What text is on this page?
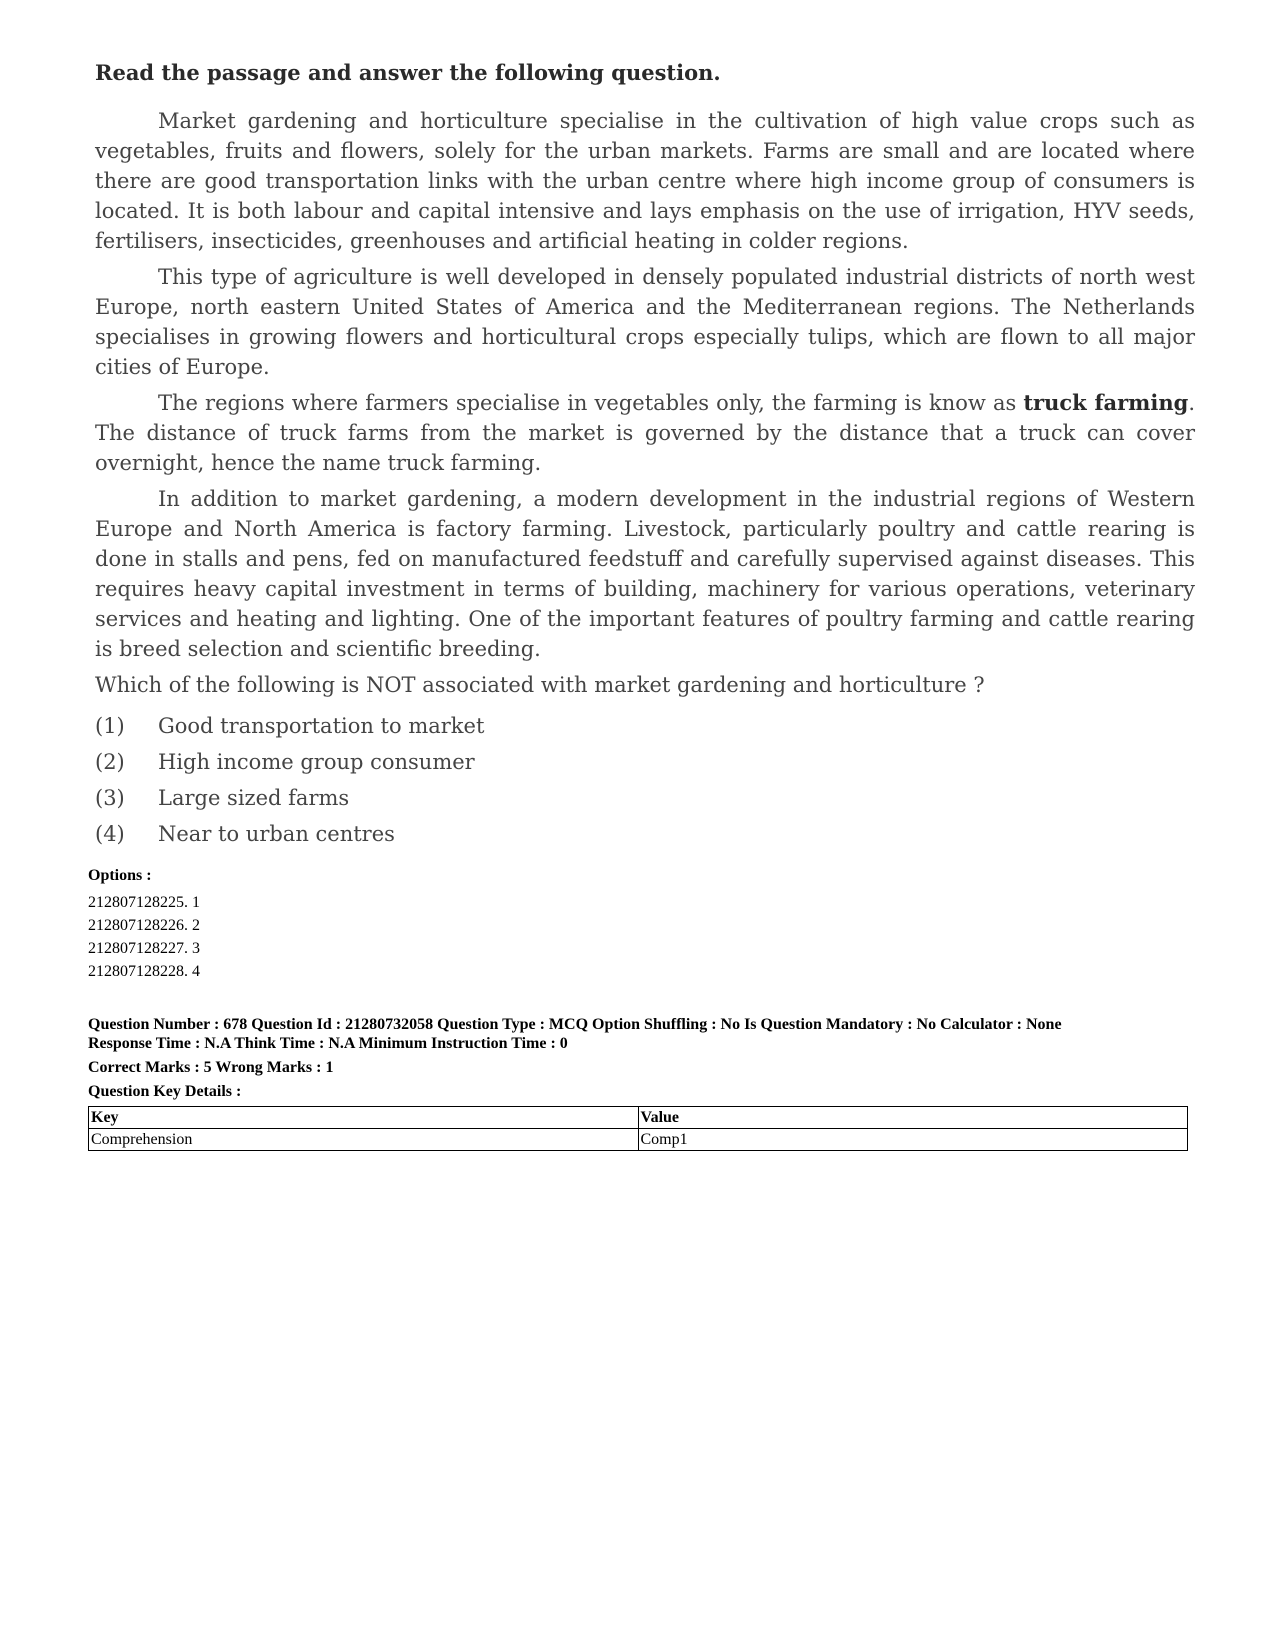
Read the passage and answer the following question.

Market gardening and horticulture specialise in the cultivation of high value crops such as vegetables, fruits and flowers, solely for the urban markets. Farms are small and are located where there are good transportation links with the urban centre where high income group of consumers is located. It is both labour and capital intensive and lays emphasis on the use of irrigation, HYV seeds, fertilisers, insecticides, greenhouses and artificial heating in colder regions.

This type of agriculture is well developed in densely populated industrial districts of north west Europe, north eastern United States of America and the Mediterranean regions. The Netherlands specialises in growing flowers and horticultural crops especially tulips, which are flown to all major cities of Europe.

The regions where farmers specialise in vegetables only, the farming is know as truck farming. The distance of truck farms from the market is governed by the distance that a truck can cover overnight, hence the name truck farming.

In addition to market gardening, a modern development in the industrial regions of Western Europe and North America is factory farming. Livestock, particularly poultry and cattle rearing is done in stalls and pens, fed on manufactured feedstuff and carefully supervised against diseases. This requires heavy capital investment in terms of building, machinery for various operations, veterinary services and heating and lighting. One of the important features of poultry farming and cattle rearing is breed selection and scientific breeding.

Which of the following is NOT associated with market gardening and horticulture ?
(1)	Good transportation to market
(2)	High income group consumer
(3)	Large sized farms
(4)	Near to urban centres
Options :
212807128225. 1
212807128226. 2
212807128227. 3
212807128228. 4
Question Number : 678 Question Id : 21280732058 Question Type : MCQ Option Shuffling : No Is Question Mandatory : No Calculator : None
Response Time : N.A Think Time : N.A Minimum Instruction Time : 0
Correct Marks : 5 Wrong Marks : 1
Question Key Details :
Key	Value
Comprehension	Comp1
